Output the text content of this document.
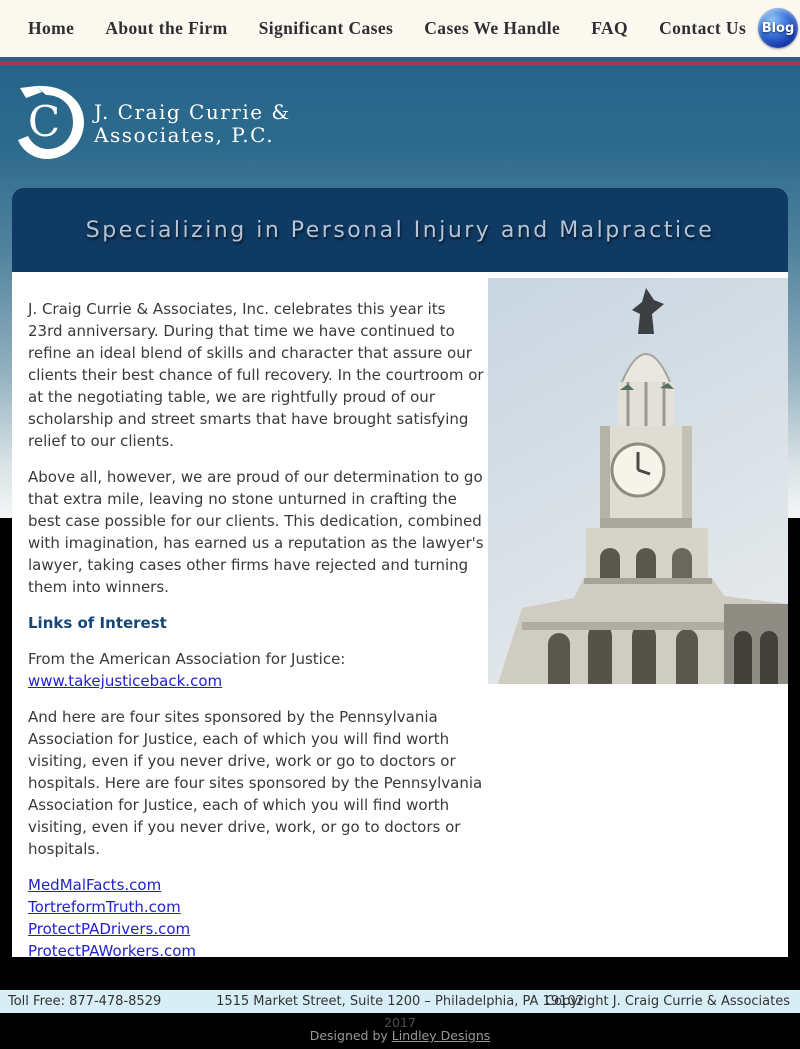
Home About the Firm Significant Cases Cases We Handle FAQ Contact Us Blog
C J. Craig Currie &
Associates, P.C.
Specializing in Personal Injury and Malpractice

J. Craig Currie & Associates, Inc. celebrates this year its 23rd anniversary. During that time we have continued to refine an ideal blend of skills and character that assure our clients their best chance of full recovery. In the courtroom or at the negotiating table, we are rightfully proud of our scholarship and street smarts that have brought satisfying relief to our clients.

Above all, however, we are proud of our determination to go that extra mile, leaving no stone unturned in crafting the best case possible for our clients. This dedication, combined with imagination, has earned us a reputation as the lawyer's lawyer, taking cases other firms have rejected and turning them into winners.

Links of Interest

From the American Association for Justice:
www.takejusticeback.com

And here are four sites sponsored by the Pennsylvania Association for Justice, each of which you will find worth visiting, even if you never drive, work or go to doctors or hospitals. Here are four sites sponsored by the Pennsylvania Association for Justice, each of which you will find worth visiting, even if you never drive, work, or go to doctors or hospitals.

MedMalFacts.com
TortreformTruth.com
ProtectPADrivers.com
ProtectPAWorkers.com
Toll Free: 877-478-8529	1515 Market Street, Suite 1200 – Philadelphia, PA 19102
Copyright J. Craig Currie & Associates
2017
Designed by Lindley Designs
